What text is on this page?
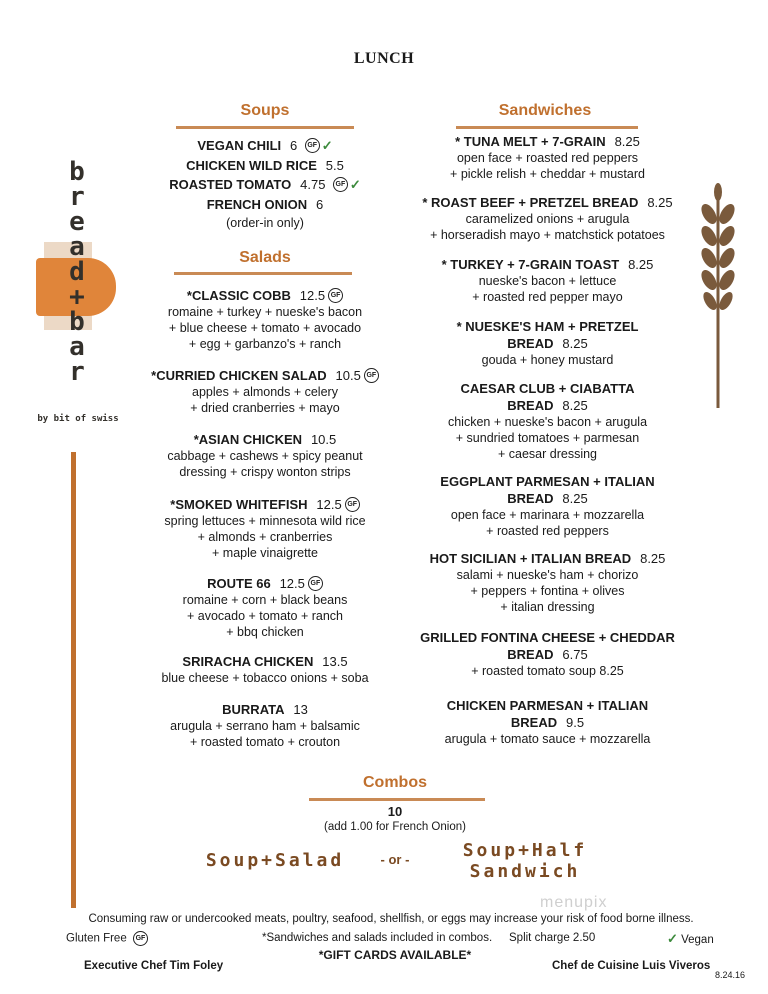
LUNCH
b
r
e
a
d
+
b
a
r
by bit of swiss
Soups
VEGAN CHILI 6 GF ✓
CHICKEN WILD RICE 5.5
ROASTED TOMATO 4.75 GF ✓
FRENCH ONION 6
(order-in only)
Salads
*CLASSIC COBB 12.5 GF
romaine + turkey + nueske's bacon
+ blue cheese + tomato + avocado
+ egg + garbanzo's + ranch
*CURRIED CHICKEN SALAD 10.5 GF
apples + almonds + celery
+ dried cranberries + mayo
*ASIAN CHICKEN 10.5
cabbage + cashews + spicy peanut
dressing + crispy wonton strips
*SMOKED WHITEFISH 12.5 GF
spring lettuces + minnesota wild rice
+ almonds + cranberries
+ maple vinaigrette
ROUTE 66 12.5 GF
romaine + corn + black beans
+ avocado + tomato + ranch
+ bbq chicken
SRIRACHA CHICKEN 13.5
blue cheese + tobacco onions + soba
BURRATA 13
arugula + serrano ham + balsamic
+ roasted tomato + crouton
Sandwiches
* TUNA MELT + 7-GRAIN 8.25
open face + roasted red peppers
+ pickle relish + cheddar + mustard
* ROAST BEEF + PRETZEL BREAD 8.25
caramelized onions + arugula
+ horseradish mayo + matchstick potatoes
* TURKEY + 7-GRAIN TOAST 8.25
nueske's bacon + lettuce
+ roasted red pepper mayo
* NUESKE'S HAM + PRETZEL
BREAD 8.25
gouda + honey mustard
CAESAR CLUB + CIABATTA
BREAD 8.25
chicken + nueske's bacon + arugula
+ sundried tomatoes + parmesan
+ caesar dressing
EGGPLANT PARMESAN + ITALIAN
BREAD 8.25
open face + marinara + mozzarella
+ roasted red peppers
HOT SICILIAN + ITALIAN BREAD 8.25
salami + nueske's ham + chorizo
+ peppers + fontina + olives
+ italian dressing
GRILLED FONTINA CHEESE + CHEDDAR
BREAD 6.75
+ roasted tomato soup 8.25
CHICKEN PARMESAN + ITALIAN
BREAD 9.5
arugula + tomato sauce + mozzarella
Combos
10
(add 1.00 for French Onion)
Soup+Salad	- or -	Soup+Half
Sandwich
menupix
Consuming raw or undercooked meats, poultry, seafood, shellfish, or eggs may increase your risk of food borne illness.
Gluten Free GF	*Sandwiches and salads included in combos. Split charge 2.50	✓ Vegan
*GIFT CARDS AVAILABLE*
Executive Chef Tim Foley	Chef de Cuisine Luis Viveros
8.24.16
